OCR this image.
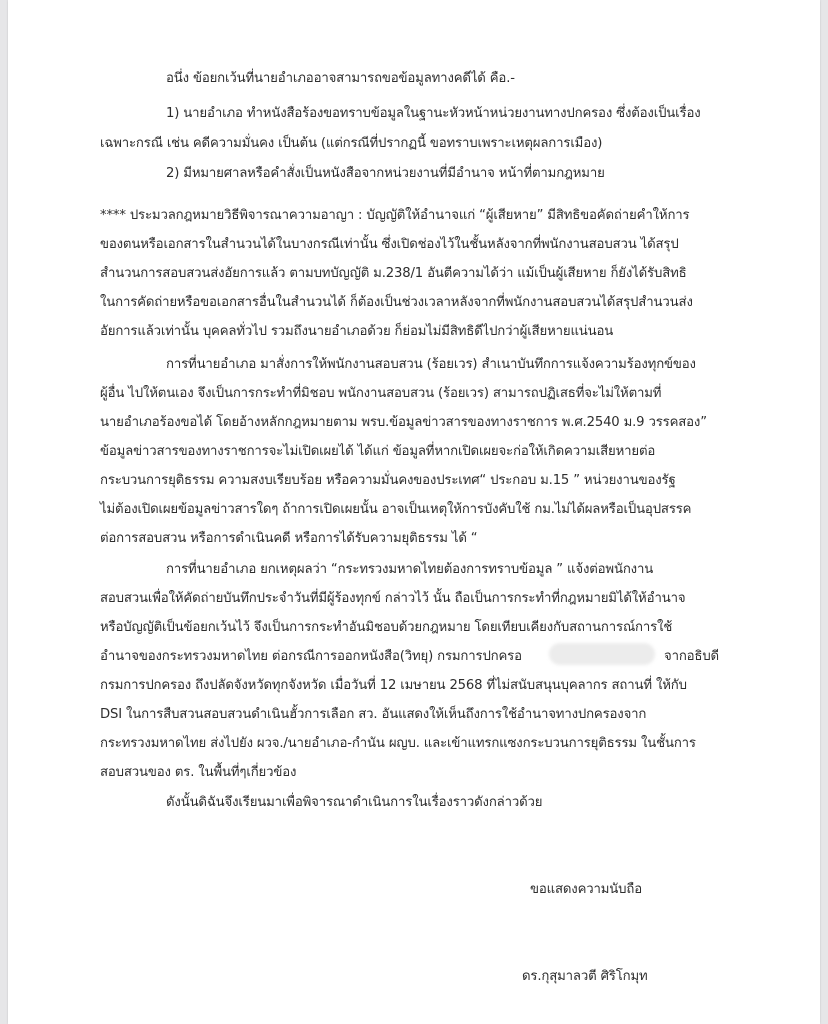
อนึ่ง ข้อยกเว้นที่นายอำเภออาจสามารถขอข้อมูลทางคดีได้ คือ.-
1) นายอำเภอ ทำหนังสือร้องขอทราบข้อมูลในฐานะหัวหน้าหน่วยงานทางปกครอง ซึ่งต้องเป็นเรื่อง
เฉพาะกรณี เช่น คดีความมั่นคง เป็นต้น (แต่กรณีที่ปรากฏนี้ ขอทราบเพราะเหตุผลการเมือง)
2) มีหมายศาลหรือคำสั่งเป็นหนังสือจากหน่วยงานที่มีอำนาจ หน้าที่ตามกฎหมาย
**** ประมวลกฎหมายวิธีพิจารณาความอาญา : บัญญัติให้อำนาจแก่ “ผู้เสียหาย” มีสิทธิขอคัดถ่ายคำให้การ
ของตนหรือเอกสารในสำนวนได้ในบางกรณีเท่านั้น ซึ่งเปิดช่องไว้ในชั้นหลังจากที่พนักงานสอบสวน ได้สรุป
สำนวนการสอบสวนส่งอัยการแล้ว ตามบทบัญญัติ ม.238/1 อันตีความได้ว่า แม้เป็นผู้เสียหาย ก็ยังได้รับสิทธิ
ในการคัดถ่ายหรือขอเอกสารอื่นในสำนวนได้ ก็ต้องเป็นช่วงเวลาหลังจากที่พนักงานสอบสวนได้สรุปสำนวนส่ง
อัยการแล้วเท่านั้น บุคคลทั่วไป รวมถึงนายอำเภอด้วย ก็ย่อมไม่มีสิทธิดีไปกว่าผู้เสียหายแน่นอน
การที่นายอำเภอ มาสั่งการให้พนักงานสอบสวน (ร้อยเวร) สำเนาบันทึกการแจ้งความร้องทุกข์ของ
ผู้อื่น ไปให้ตนเอง จึงเป็นการกระทำที่มิชอบ พนักงานสอบสวน (ร้อยเวร) สามารถปฏิเสธที่จะไม่ให้ตามที่
นายอำเภอร้องขอได้ โดยอ้างหลักกฎหมายตาม พรบ.ข้อมูลข่าวสารของทางราชการ พ.ศ.2540 ม.9 วรรคสอง”
ข้อมูลข่าวสารของทางราชการจะไม่เปิดเผยได้ ได้แก่ ข้อมูลที่หากเปิดเผยจะก่อให้เกิดความเสียหายต่อ
กระบวนการยุติธรรม ความสงบเรียบร้อย หรือความมั่นคงของประเทศ“ ประกอบ ม.15 ” หน่วยงานของรัฐ
ไม่ต้องเปิดเผยข้อมูลข่าวสารใดๆ ถ้าการเปิดเผยนั้น อาจเป็นเหตุให้การบังคับใช้ กม.ไม่ได้ผลหรือเป็นอุปสรรค
ต่อการสอบสวน หรือการดำเนินคดี หรือการได้รับความยุติธรรม ได้ “
การที่นายอำเภอ ยกเหตุผลว่า “กระทรวงมหาดไทยต้องการทราบข้อมูล ” แจ้งต่อพนักงาน
สอบสวนเพื่อให้คัดถ่ายบันทึกประจำวันที่มีผู้ร้องทุกข์ กล่าวไว้ นั้น ถือเป็นการกระทำที่กฎหมายมิได้ให้อำนาจ
หรือบัญญัติเป็นข้อยกเว้นไว้ จึงเป็นการกระทำอันมิชอบด้วยกฎหมาย โดยเทียบเคียงกับสถานการณ์การใช้
อำนาจของกระทรวงมหาดไทย ต่อกรณีการออกหนังสือ(วิทยุ) กรมการปกครอ	จากอธิบดี
กรมการปกครอง ถึงปลัดจังหวัดทุกจังหวัด เมื่อวันที่ 12 เมษายน 2568 ที่ไม่สนับสนุนบุคลากร สถานที่ ให้กับ
DSI ในการสืบสวนสอบสวนดำเนินฮั้วการเลือก สว. อันแสดงให้เห็นถึงการใช้อำนาจทางปกครองจาก
กระทรวงมหาดไทย ส่งไปยัง ผวจ./นายอำเภอ-กำนัน ผญบ. และเข้าแทรกแซงกระบวนการยุติธรรม ในชั้นการ
สอบสวนของ ตร. ในพื้นที่ๆเกี่ยวข้อง
ดังนั้นดิฉันจึงเรียนมาเพื่อพิจารณาดำเนินการในเรื่องราวดังกล่าวด้วย
ขอแสดงความนับถือ
ดร.กุสุมาลวตี ศิริโกมุท
